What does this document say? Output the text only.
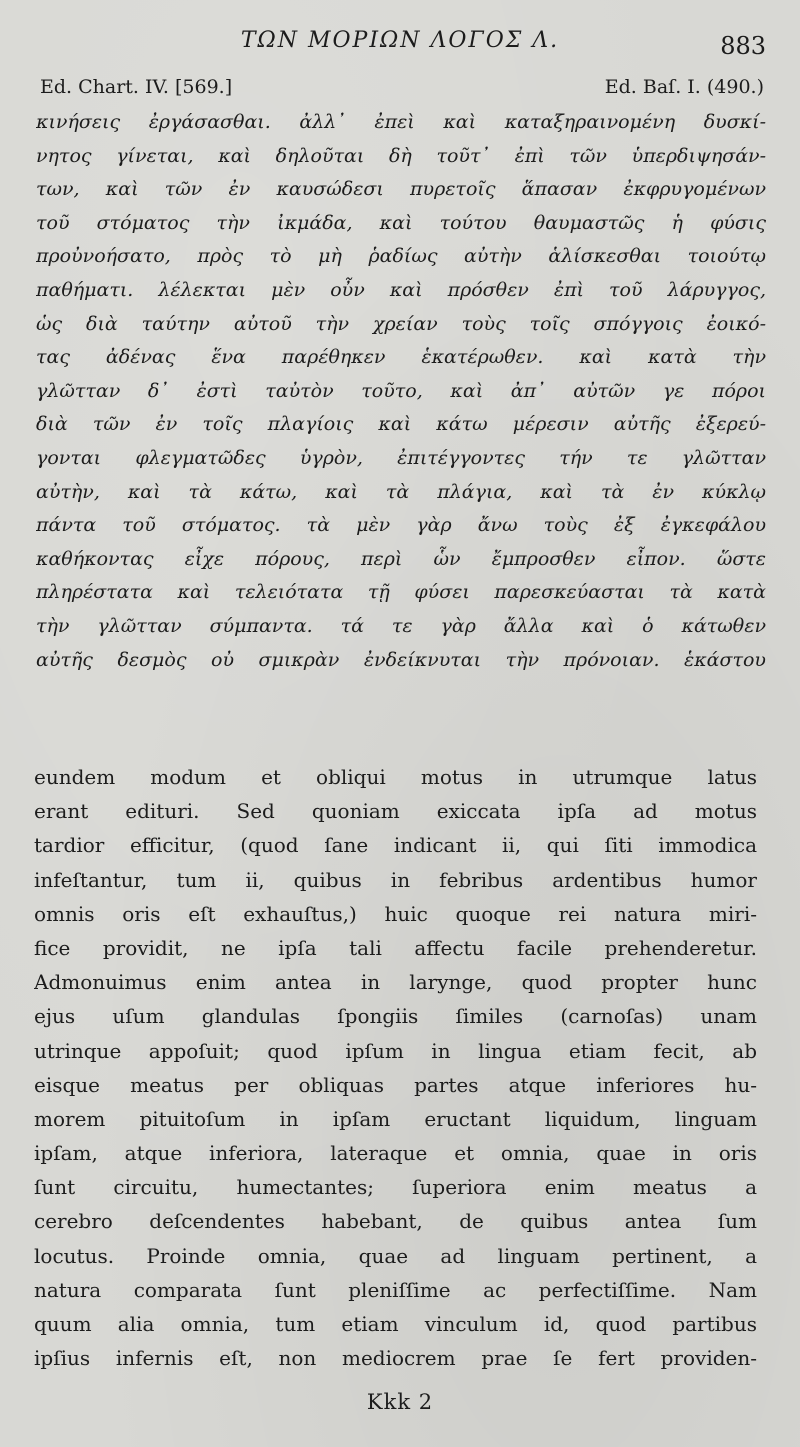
ΤΩΝ ΜΟΡΙΩΝ ΛΟΓΟΣ Λ.	883
Ed. Chart. IV. [569.]	Ed. Baſ. I. (490.)
κινήσεις ἐργάσασθαι. ἀλλ᾽ ἐπεὶ καὶ καταξηραινομένη δυσκί-
νητος γίνεται, καὶ δηλοῦται δὴ τοῦτ᾽ ἐπὶ τῶν ὑπερδιψησάν-
των, καὶ τῶν ἐν καυσώδεσι πυρετοῖς ἅπασαν ἐκφρυγομένων
τοῦ στόματος τὴν ἰκμάδα, καὶ τούτου θαυμαστῶς ἡ φύσις
προὐνοήσατο, πρὸς τὸ μὴ ῥαδίως αὐτὴν ἁλίσκεσθαι τοιούτῳ
παθήματι. λέλεκται μὲν οὖν καὶ πρόσθεν ἐπὶ τοῦ λάρυγγος,
ὡς διὰ ταύτην αὐτοῦ τὴν χρείαν τοὺς τοῖς σπόγγοις ἐοικό-
τας ἀδένας ἕνα παρέθηκεν ἑκατέρωθεν. καὶ κατὰ τὴν
γλῶτταν δ᾽ ἐστὶ ταὐτὸν τοῦτο, καὶ ἀπ᾽ αὐτῶν γε πόροι
διὰ τῶν ἐν τοῖς πλαγίοις καὶ κάτω μέρεσιν αὐτῆς ἐξερεύ-
γονται φλεγματῶδες ὑγρὸν, ἐπιτέγγοντες τήν τε γλῶτταν
αὐτὴν, καὶ τὰ κάτω, καὶ τὰ πλάγια, καὶ τὰ ἐν κύκλῳ
πάντα τοῦ στόματος. τὰ μὲν γὰρ ἄνω τοὺς ἐξ ἐγκεφάλου
καθήκοντας εἶχε πόρους, περὶ ὧν ἔμπροσθεν εἶπον. ὥστε
πληρέστατα καὶ τελειότατα τῇ φύσει παρεσκεύασται τὰ κατὰ
τὴν γλῶτταν σύμπαντα. τά τε γὰρ ἄλλα καὶ ὁ κάτωθεν
αὐτῆς δεσμὸς οὐ σμικρὰν ἐνδείκνυται τὴν πρόνοιαν. ἑκάστου
eundem modum et obliqui motus in utrumque latus
erant edituri. Sed quoniam exiccata ipſa ad motus
tardior efficitur, (quod ſane indicant ii, qui ſiti immodica
infeſtantur, tum ii, quibus in febribus ardentibus humor
omnis oris eſt exhauſtus,) huic quoque rei natura miri-
fice providit, ne ipſa tali affectu facile prehenderetur.
Admonuimus enim antea in larynge, quod propter hunc
ejus uſum glandulas ſpongiis ſimiles (carnoſas) unam
utrinque appoſuit; quod ipſum in lingua etiam fecit, ab
eisque meatus per obliquas partes atque inferiores hu-
morem pituitoſum in ipſam eructant liquidum, linguam
ipſam, atque inferiora, lateraque et omnia, quae in oris
ſunt circuitu, humectantes; ſuperiora enim meatus a
cerebro deſcendentes habebant, de quibus antea ſum
locutus. Proinde omnia, quae ad linguam pertinent, a
natura comparata ſunt pleniſſime ac perfectiſſime. Nam
quum alia omnia, tum etiam vinculum id, quod partibus
ipſius infernis eſt, non mediocrem prae ſe fert providen-
Kkk 2
